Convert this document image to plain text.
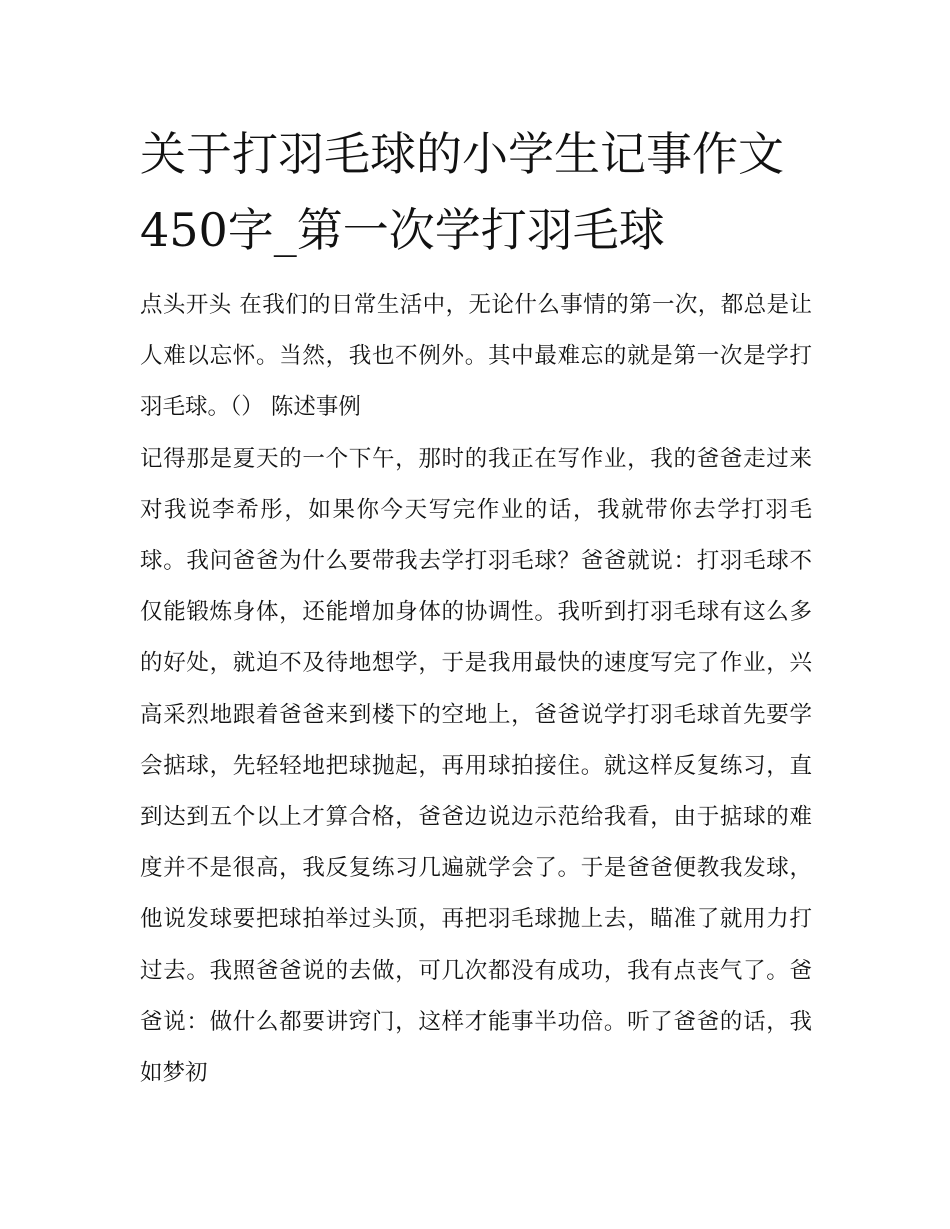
关于打羽毛球的小学生记事作文450字_第一次学打羽毛球

点头开头 在我们的日常生活中，无论什么事情的第一次，都总是让人难以忘怀。当然，我也不例外。其中最难忘的就是第一次是学打羽毛球。（） 陈述事例

记得那是夏天的一个下午，那时的我正在写作业，我的爸爸走过来对我说李希彤，如果你今天写完作业的话，我就带你去学打羽毛球。我问爸爸为什么要带我去学打羽毛球？爸爸就说：打羽毛球不仅能锻炼身体，还能增加身体的协调性。我听到打羽毛球有这么多的好处，就迫不及待地想学，于是我用最快的速度写完了作业，兴高采烈地跟着爸爸来到楼下的空地上，爸爸说学打羽毛球首先要学会掂球，先轻轻地把球抛起，再用球拍接住。就这样反复练习，直到达到五个以上才算合格，爸爸边说边示范给我看，由于掂球的难度并不是很高，我反复练习几遍就学会了。于是爸爸便教我发球，他说发球要把球拍举过头顶，再把羽毛球抛上去，瞄准了就用力打过去。我照爸爸说的去做，可几次都没有成功，我有点丧气了。爸爸说：做什么都要讲窍门，这样才能事半功倍。听了爸爸的话，我如梦初
